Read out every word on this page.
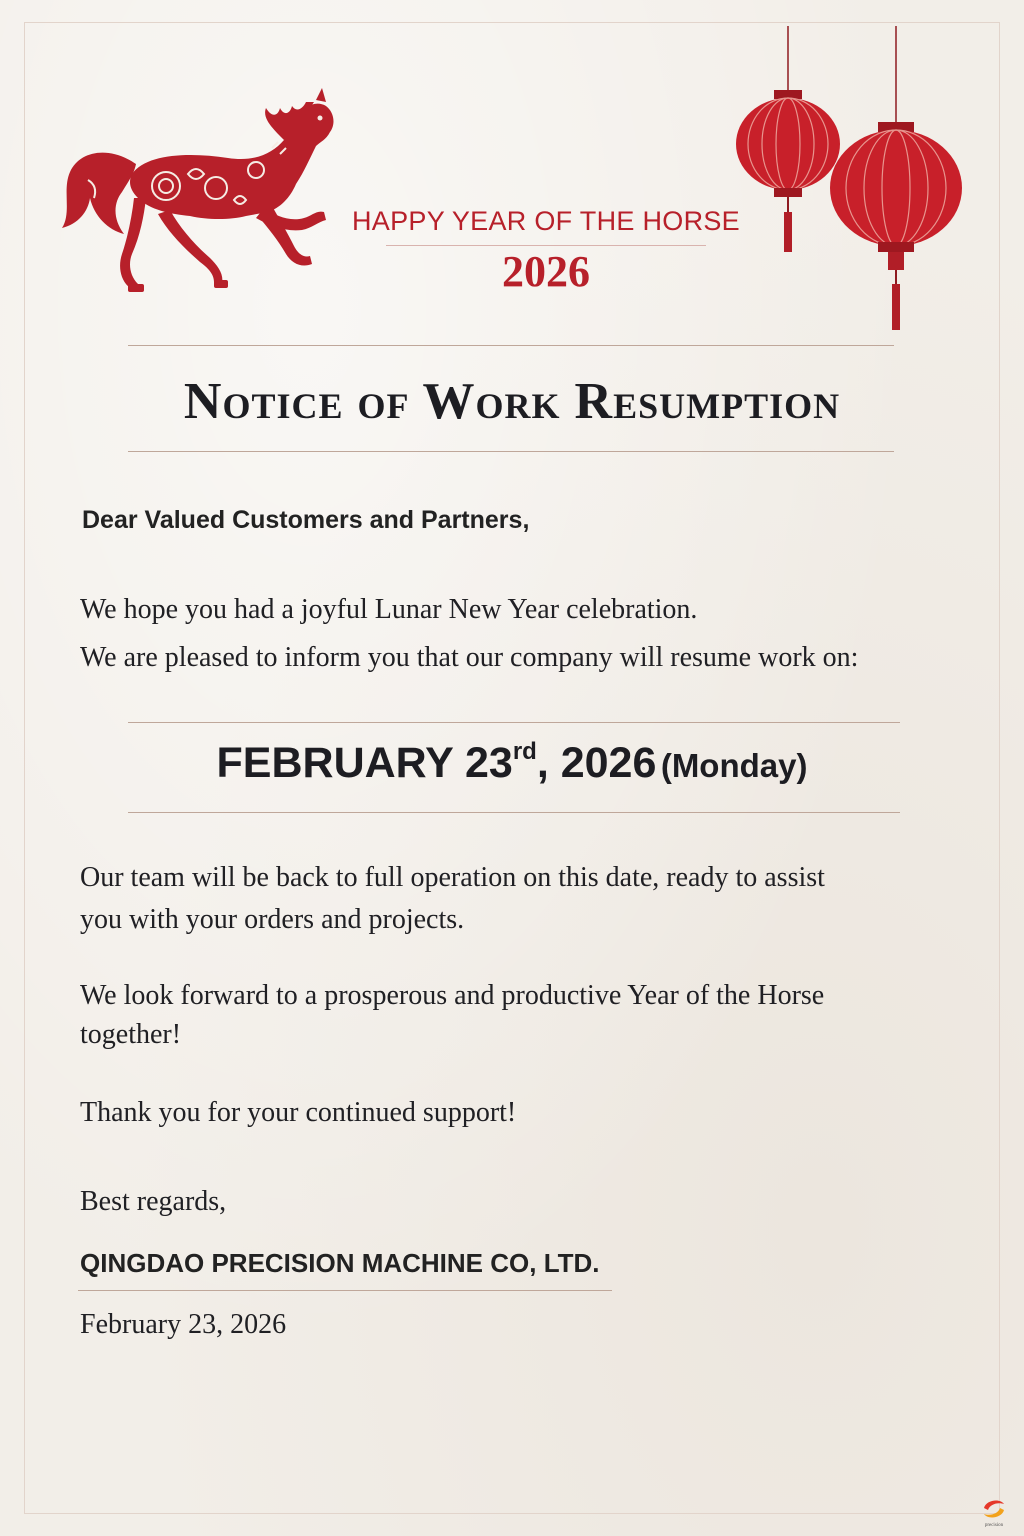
HAPPY YEAR OF THE HORSE
2026
Notice of Work Resumption
Dear Valued Customers and Partners,
We hope you had a joyful Lunar New Year celebration.
We are pleased to inform you that our company will resume work on:
FEBRUARY 23rd, 2026 (Monday)
Our team will be back to full operation on this date, ready to assist
you with your orders and projects.
We look forward to a prosperous and productive Year of the Horse
together!
Thank you for your continued support!
Best regards,
QINGDAO PRECISION MACHINE CO, LTD.
February 23, 2026
precision
